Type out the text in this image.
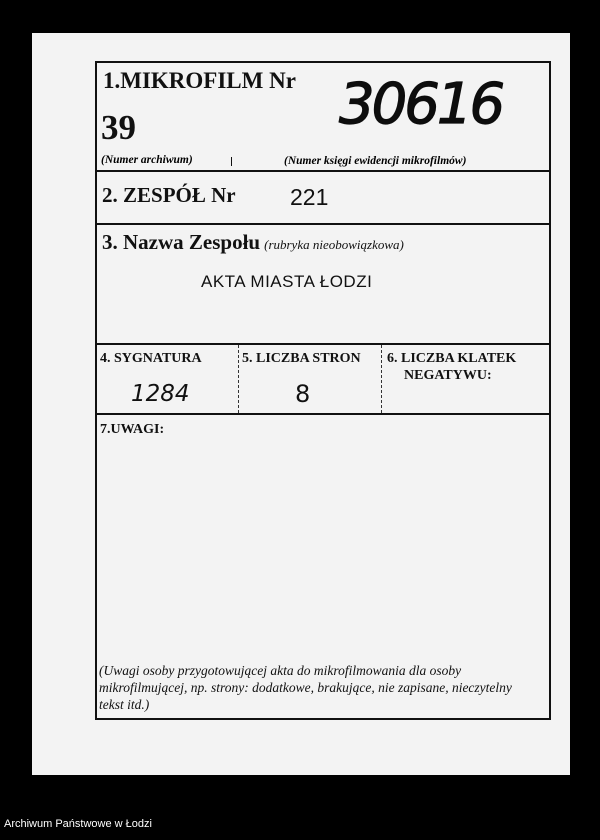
1.MIKROFILM Nr
39	30616
(Numer archiwum)	(Numer księgi ewidencji mikrofilmów)
2. ZESPÓŁ Nr 221
3. Nazwa Zespołu (rubryka nieobowiązkowa)
AKTA MIASTA ŁODZI
4. SYGNATURA
1284
5. LICZBA STRON
8
6. LICZBA KLATEK
NEGATYWU:
7.UWAGI:
(Uwagi osoby przygotowującej akta do mikrofilmowania dla osoby mikrofilmującej, np. strony: dodatkowe, brakujące, nie zapisane, nieczytelny tekst itd.)
Archiwum Państwowe w Łodzi
